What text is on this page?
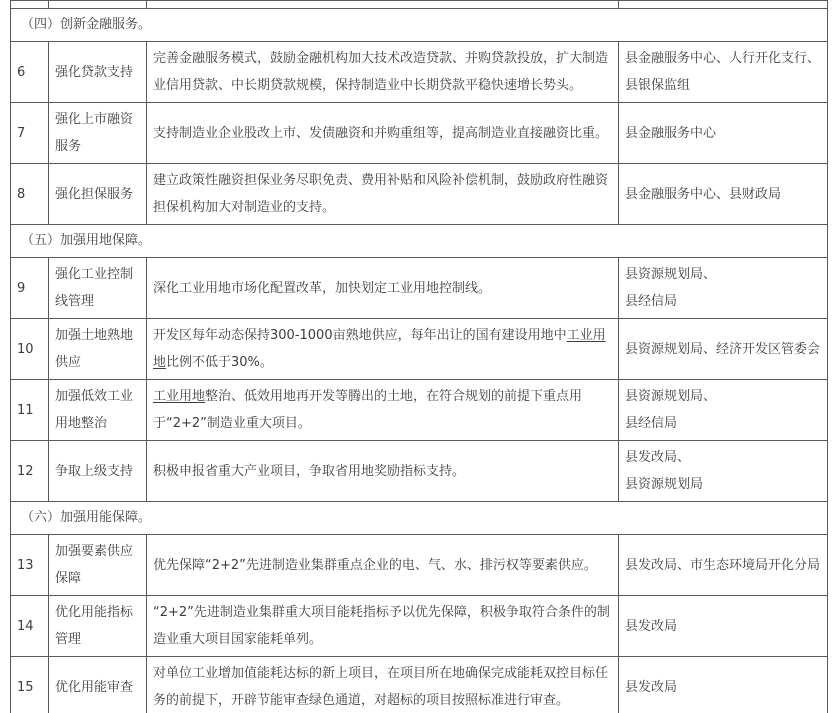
（四）创新金融服务。			
6	强化贷款支持	完善金融服务模式，鼓励金融机构加大技术改造贷款、并购贷款投放，扩大制造业信用贷款、中长期贷款规模，保持制造业中长期贷款平稳快速增长势头。	县金融服务中心、人行开化支行、
县银保监组

7	强化上市融资服务	支持制造业企业股改上市、发债融资和并购重组等，提高制造业直接融资比重。	县金融服务中心

8	强化担保服务	建立政策性融资担保业务尽职免责、费用补贴和风险补偿机制，鼓励政府性融资担保机构加大对制造业的支持。	县金融服务中心、县财政局

（五）加强用地保障。			
9	强化工业控制线管理	深化工业用地市场化配置改革，加快划定工业用地控制线。	县资源规划局、
县经信局

10	加强土地熟地供应	开发区每年动态保持300-1000亩熟地供应，每年出让的国有建设用地中工业用地比例不低于30%。	县资源规划局、经济开发区管委会

11	加强低效工业用地整治	工业用地整治、低效用地再开发等腾出的土地，在符合规划的前提下重点用于“2+2”制造业重大项目。	县资源规划局、
县经信局

12	争取上级支持	积极申报省重大产业项目，争取省用地奖励指标支持。	县发改局、
县资源规划局

（六）加强用能保障。			
13	加强要素供应保障	优先保障“2+2”先进制造业集群重点企业的电、气、水、排污权等要素供应。	县发改局、市生态环境局开化分局

14	优化用能指标管理	“2+2”先进制造业集群重大项目能耗指标予以优先保障，积极争取符合条件的制造业重大项目国家能耗单列。	县发改局

15	优化用能审查	对单位工业增加值能耗达标的新上项目，在项目所在地确保完成能耗双控目标任务的前提下，开辟节能审查绿色通道，对超标的项目按照标准进行审查。	县发改局
